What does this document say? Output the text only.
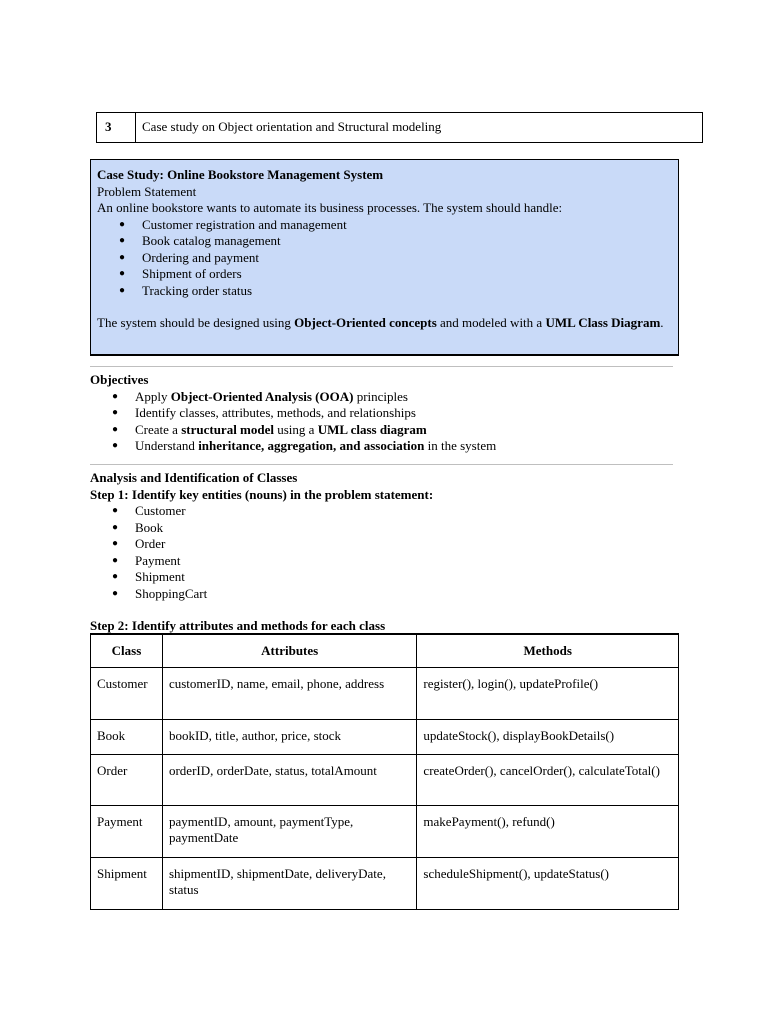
3	Case study on Object orientation and Structural modeling
Case Study: Online Bookstore Management System
Problem Statement
An online bookstore wants to automate its business processes. The system should handle:
● Customer registration and management
● Book catalog management
● Ordering and payment
● Shipment of orders
● Tracking order status
The system should be designed using Object-Oriented concepts and modeled with a UML Class Diagram.
Objectives
● Apply Object-Oriented Analysis (OOA) principles
● Identify classes, attributes, methods, and relationships
● Create a structural model using a UML class diagram
● Understand inheritance, aggregation, and association in the system
Analysis and Identification of Classes
Step 1: Identify key entities (nouns) in the problem statement:
● Customer
● Book
● Order
● Payment
● Shipment
● ShoppingCart
Step 2: Identify attributes and methods for each class
Class	Attributes	Methods
Customer	customerID, name, email, phone, address	register(), login(), updateProfile()
Book	bookID, title, author, price, stock	updateStock(), displayBookDetails()
Order	orderID, orderDate, status, totalAmount	createOrder(), cancelOrder(), calculateTotal()
Payment	paymentID, amount, paymentType, paymentDate	makePayment(), refund()
Shipment	shipmentID, shipmentDate, deliveryDate, status	scheduleShipment(), updateStatus()
